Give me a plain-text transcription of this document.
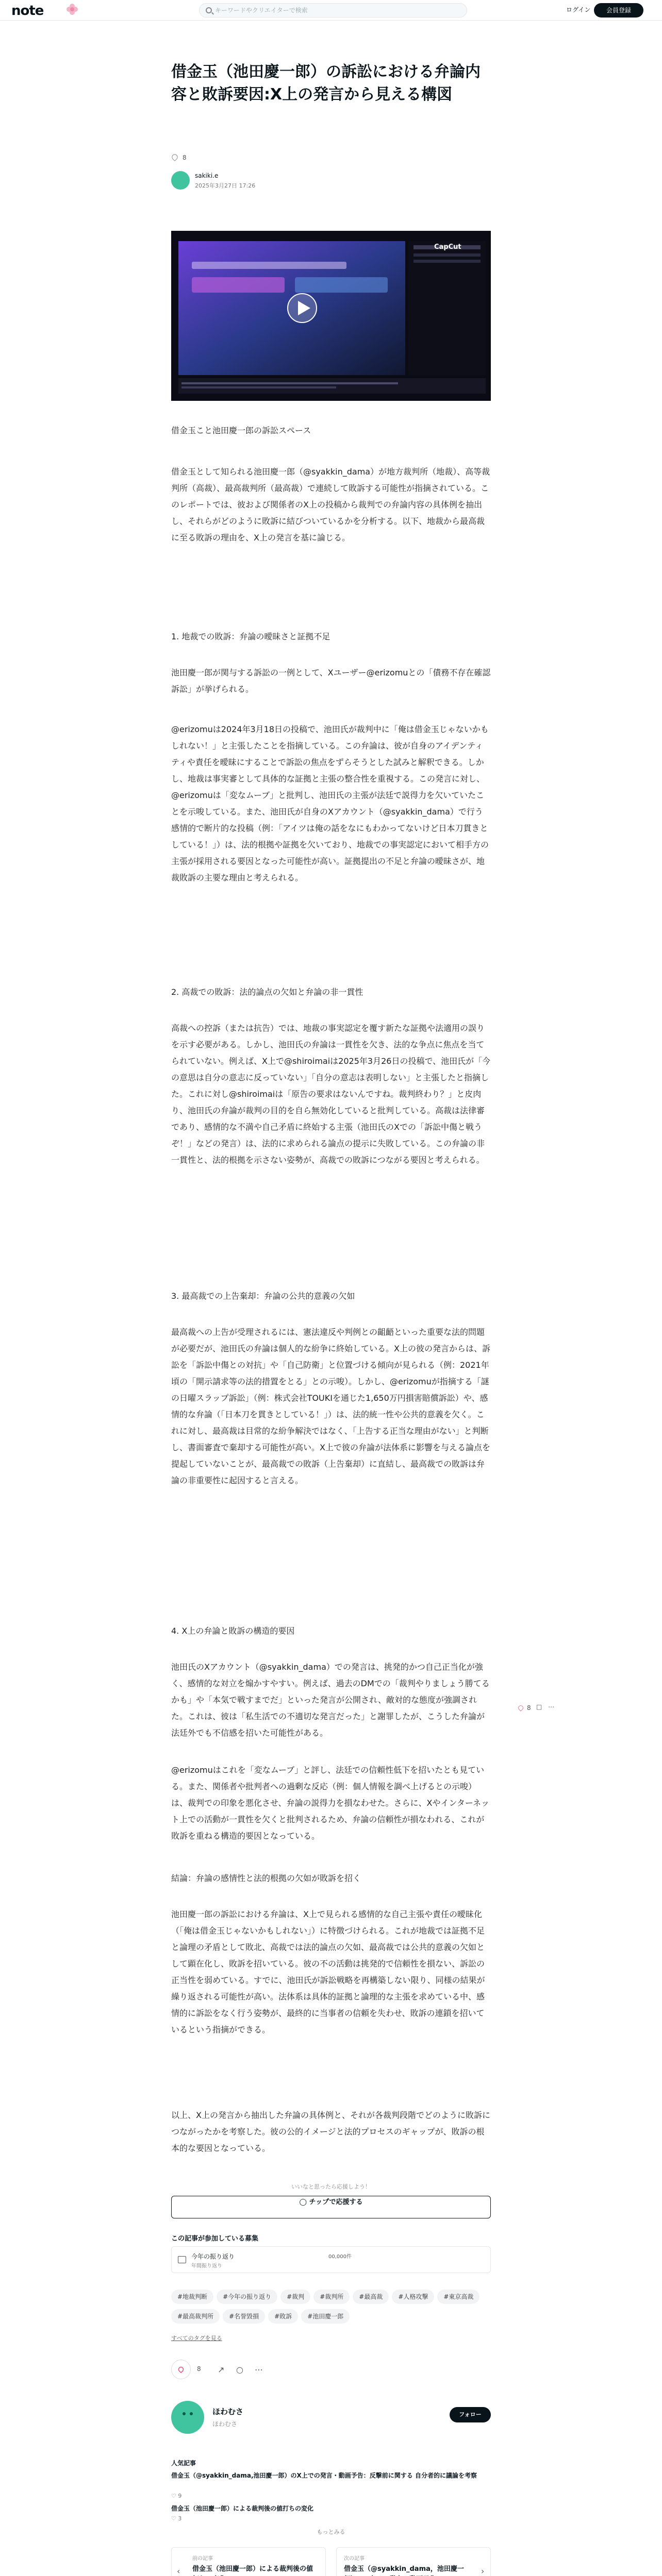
note
キーワードやクリエイターで検索	ログイン	会員登録
借金玉（池田慶一郎）の訴訟における弁論内容と敗訴要因:X上の発言から見える構図
8
sakiki.e
2025年3月27日 17:26
CapCut
借金玉こと池田慶一郎の訴訟スペース
借金玉として知られる池田慶一郎（@syakkin_dama）が地方裁判所（地裁）、高等裁判所（高裁）、最高裁判所（最高裁）で連続して敗訴する可能性が指摘されている。このレポートでは、彼および関係者のX上の投稿から裁判での弁論内容の具体例を抽出し、それらがどのように敗訴に結びついているかを分析する。以下、地裁から最高裁に至る敗訴の理由を、X上の発言を基に論じる。
1. 地裁での敗訴：弁論の曖昧さと証拠不足
池田慶一郎が関与する訴訟の一例として、Xユーザー@erizomuとの「債務不存在確認訴訟」が挙げられる。
@erizomuは2024年3月18日の投稿で、池田氏が裁判中に「俺は借金玉じゃないかもしれない！」と主張したことを指摘している。この弁論は、彼が自身のアイデンティティや責任を曖昧にすることで訴訟の焦点をずらそうとした試みと解釈できる。しかし、地裁は事実審として具体的な証拠と主張の整合性を重視する。この発言に対し、@erizomuは「変なムーブ」と批判し、池田氏の主張が法廷で説得力を欠いていたことを示唆している。また、池田氏が自身のXアカウント（@syakkin_dama）で行う感情的で断片的な投稿（例：「アイツは俺の話をなにもわかってないけど日本刀貫きとしている！」）は、法的根拠や証拠を欠いており、地裁での事実認定において相手方の主張が採用される要因となった可能性が高い。証拠提出の不足と弁論の曖昧さが、地裁敗訴の主要な理由と考えられる。
2. 高裁での敗訴：法的論点の欠如と弁論の非一貫性
高裁への控訴（または抗告）では、地裁の事実認定を覆す新たな証拠や法適用の誤りを示す必要がある。しかし、池田氏の弁論は一貫性を欠き、法的な争点に焦点を当てられていない。例えば、X上で@shiroimaiは2025年3月26日の投稿で、池田氏が「今の意思は自分の意志に反っていない」「自分の意志は表明しない」と主張したと指摘した。これに対し@shiroimaiは「原告の要求はないんですね。裁判終わり？」と皮肉り、池田氏の弁論が裁判の目的を自ら無効化していると批判している。高裁は法律審であり、感情的な不満や自己矛盾に終始する主張（池田氏のXでの「訴訟中傷と戦うぞ！」などの発言）は、法的に求められる論点の提示に失敗している。この弁論の非一貫性と、法的根拠を示さない姿勢が、高裁での敗訴につながる要因と考えられる。
3. 最高裁での上告棄却：弁論の公共的意義の欠如
最高裁への上告が受理されるには、憲法違反や判例との齟齬といった重要な法的問題が必要だが、池田氏の弁論は個人的な紛争に終始している。X上の彼の発言からは、訴訟を「訴訟中傷との対抗」や「自己防衛」と位置づける傾向が見られる（例：2021年頃の「開示請求等の法的措置をとる」との示唆）。しかし、@erizomuが指摘する「謎の日曜スラップ訴訟」（例：株式会社TOUKIを通じた1,650万円損害賠償訴訟）や、感情的な弁論（「日本刀を貫きとしている！」）は、法的統一性や公共的意義を欠く。これに対し、最高裁は目常的な紛争解決ではなく、「上告する正当な理由がない」と判断し、書面審査で棄却する可能性が高い。X上で彼の弁論が法体系に影響を与える論点を提起していないことが、最高裁での敗訴（上告棄却）に直結し、最高裁での敗訴は弁論の非重要性に起因すると言える。
4. X上の弁論と敗訴の構造的要因
池田氏のXアカウント（@syakkin_dama）での発言は、挑発的かつ自己正当化が強く、感情的な対立を煽かすやすい。例えば、過去のDMでの「裁判やりましょう勝てるかも」や「本気で戦すまでだ」といった発言が公開され、敵対的な態度が強調された。これは、彼は「私生活での不適切な発言だった」と謝罪したが、こうした弁論が法廷外でも不信感を招いた可能性がある。
@erizomuはこれを「変なムーブ」と評し、法廷での信頼性低下を招いたとも見ている。また、関係者や批判者への過剰な反応（例：個人情報を調べ上げるとの示唆）は、裁判での印象を悪化させ、弁論の説得力を損なわせた。さらに、Xやインターネット上での活動が一貫性を欠くと批判されるため、弁論の信頼性が損なわれる、これが敗訴を重ねる構造的要因となっている。
結論：弁論の感情性と法的根拠の欠如が敗訴を招く
池田慶一郎の訴訟における弁論は、X上で見られる感情的な自己主張や責任の曖昧化（「俺は借金玉じゃないかもしれない」）に特徴づけられる。これが地裁では証拠不足と論理の矛盾として敗北、高裁では法的論点の欠如、最高裁では公共的意義の欠如として顕在化し、敗訴を招いている。彼の不の活動は挑発的で信頼性を損ない、訴訟の正当性を弱めている。すでに、池田氏が訴訟戦略を再構築しない限り、同様の結果が繰り返される可能性が高い。法体系は具体的証拠と論理的な主張を求めている中、感情的に訴訟をなく行う姿勢が、最終的に当事者の信頼を失わせ、敗訴の連鎖を招いているという指摘ができる。
以上、X上の発言から抽出した弁論の具体例と、それが各裁判段階でどのように敗訴につながったかを考察した。彼の公的イメージと法的プロセスのギャップが、敗訴の根本的な要因となっている。
8 □ ⋯
いいなと思ったら応援しよう！
◯ チップで応援する
この記事が参加している募集
今年の振り返り
年間振り返り
00,000件
#地裁判断	#今年の振り返り	#裁判	#裁判所	#最高裁	#人格攻撃	#東京高裁#最高裁判所	#名誉毀損	#敗訴	#池田慶一郎
すべてのタグを見る
8 ↗ ○ ⋯
ほわむさ
ほわむさ
フォロー
人気記事
借金玉（@syakkin_dama,池田慶一郎）のX上での発言・動画予告：反撃前に関する 自分者的に議論を考察
♡ 9
借金玉（池田慶一郎）による裁判後の値打ちの変化
♡ 3
もっとみる
‹
前の記事
借金玉（池田慶一郎）による裁判後の値
次の記事
借金玉（@syakkin_dama，池田慶一	›
